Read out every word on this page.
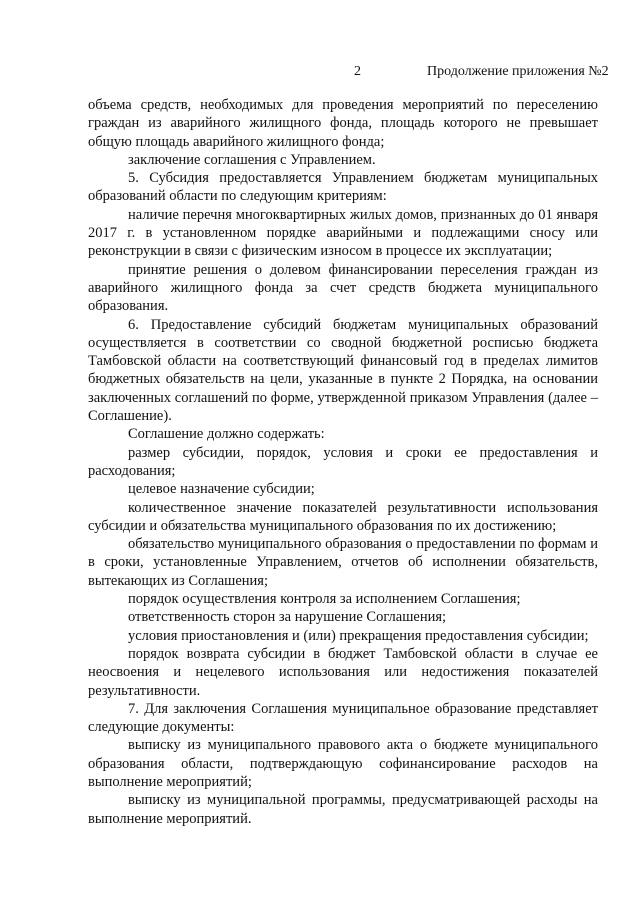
2	Продолжение приложения №2

объема средств, необходимых для проведения мероприятий по переселению граждан из аварийного жилищного фонда, площадь которого не превышает общую площадь аварийного жилищного фонда;

заключение соглашения с Управлением.

5. Субсидия предоставляется Управлением бюджетам муниципальных образований области по следующим критериям:

наличие перечня многоквартирных жилых домов, признанных до 01 января 2017 г. в установленном порядке аварийными и подлежащими сносу или реконструкции в связи с физическим износом в процессе их эксплуатации;

принятие решения о долевом финансировании переселения граждан из аварийного жилищного фонда за счет средств бюджета муниципального образования.

6. Предоставление субсидий бюджетам муниципальных образований осуществляется в соответствии со сводной бюджетной росписью бюджета Тамбовской области на соответствующий финансовый год в пределах лимитов бюджетных обязательств на цели, указанные в пункте 2 Порядка, на основании заключенных соглашений по форме, утвержденной приказом Управления (далее – Соглашение).

Соглашение должно содержать:

размер субсидии, порядок, условия и сроки ее предоставления и расходования;

целевое назначение субсидии;

количественное значение показателей результативности использования субсидии и обязательства муниципального образования по их достижению;

обязательство муниципального образования о предоставлении по формам и в сроки, установленные Управлением, отчетов об исполнении обязательств, вытекающих из Соглашения;

порядок осуществления контроля за исполнением Соглашения;

ответственность сторон за нарушение Соглашения;

условия приостановления и (или) прекращения предоставления субсидии;

порядок возврата субсидии в бюджет Тамбовской области в случае ее неосвоения и нецелевого использования или недостижения показателей результативности.

7. Для заключения Соглашения муниципальное образование представляет следующие документы:

выписку из муниципального правового акта о бюджете муниципального образования области, подтверждающую софинансирование расходов на выполнение мероприятий;

выписку из муниципальной программы, предусматривающей расходы на выполнение мероприятий.
